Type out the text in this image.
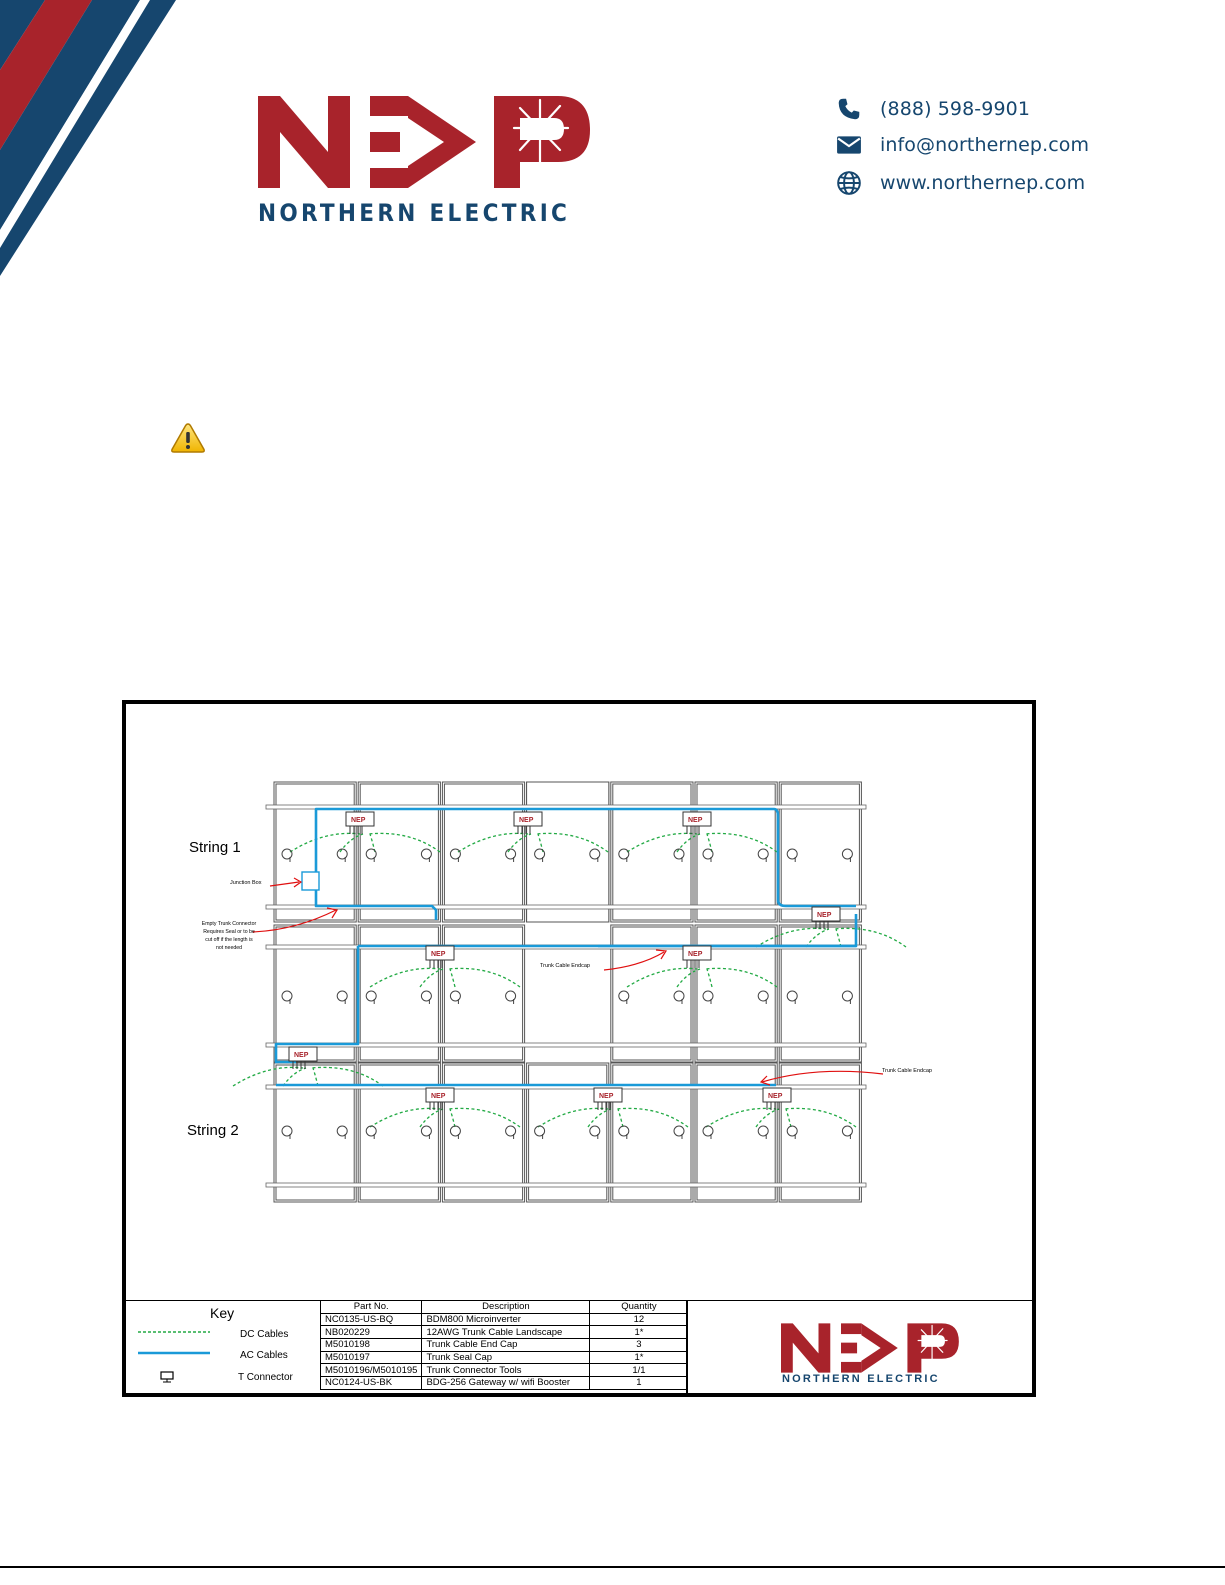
NORTHERN ELECTRIC
(888) 598-9901
info@northernep.com
www.northernep.com
NEP	NEP	NEP
NEP
NEP	NEP
NEP
NEP	NEP	NEP
String 1
String 2
Junction Box
Empty Trunk Connector
Requires Seal or to be
cut off if the length is
not needed
Trunk Cable Endcap
Trunk Cable Endcap
Key
DC Cables
AC Cables
T Connector
Part No.	Description	Quantity
NC0135-US-BQ	BDM800 Microinverter	12
NB020229	12AWG Trunk Cable Landscape	1*
M5010198	Trunk Cable End Cap	3
M5010197	Trunk Seal Cap	1*
M5010196/M5010195	Trunk Connector Tools	1/1
NC0124-US-BK	BDG-256 Gateway w/ wifi Booster	1	NORTHERN ELECTRIC
